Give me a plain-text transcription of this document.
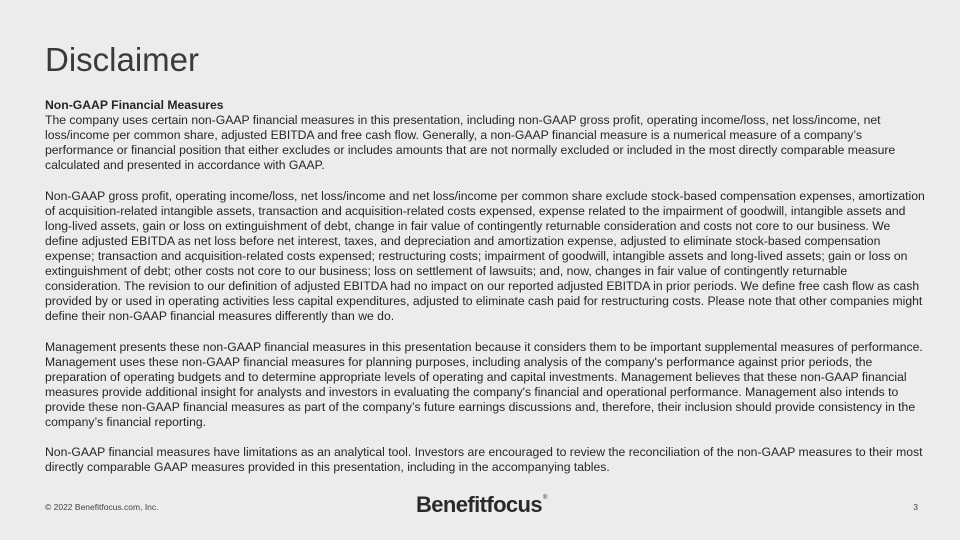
Disclaimer
Non-GAAP Financial Measures

The company uses certain non-GAAP financial measures in this presentation, including non-GAAP gross profit, operating income/loss, net loss/income, net loss/income per common share, adjusted EBITDA and free cash flow. Generally, a non-GAAP financial measure is a numerical measure of a company’s performance or financial position that either excludes or includes amounts that are not normally excluded or included in the most directly comparable measure calculated and presented in accordance with GAAP.

Non-GAAP gross profit, operating income/loss, net loss/income and net loss/income per common share exclude stock-based compensation expenses, amortization of acquisition-related intangible assets, transaction and acquisition-related costs expensed, expense related to the impairment of goodwill, intangible assets and long-lived assets, gain or loss on extinguishment of debt, change in fair value of contingently returnable consideration and costs not core to our business. We define adjusted EBITDA as net loss before net interest, taxes, and depreciation and amortization expense, adjusted to eliminate stock-based compensation expense; transaction and acquisition-related costs expensed; restructuring costs; impairment of goodwill, intangible assets and long-lived assets; gain or loss on extinguishment of debt; other costs not core to our business; loss on settlement of lawsuits; and, now, changes in fair value of contingently returnable consideration. The revision to our definition of adjusted EBITDA had no impact on our reported adjusted EBITDA in prior periods. We define free cash flow as cash provided by or used in operating activities less capital expenditures, adjusted to eliminate cash paid for restructuring costs. Please note that other companies might define their non-GAAP financial measures differently than we do.

Management presents these non-GAAP financial measures in this presentation because it considers them to be important supplemental measures of performance. Management uses these non-GAAP financial measures for planning purposes, including analysis of the company's performance against prior periods, the preparation of operating budgets and to determine appropriate levels of operating and capital investments. Management believes that these non-GAAP financial measures provide additional insight for analysts and investors in evaluating the company's financial and operational performance. Management also intends to provide these non-GAAP financial measures as part of the company’s future earnings discussions and, therefore, their inclusion should provide consistency in the company’s financial reporting.

Non-GAAP financial measures have limitations as an analytical tool. Investors are encouraged to review the reconciliation of the non-GAAP measures to their most directly comparable GAAP measures provided in this presentation, including in the accompanying tables.

© 2022 Benefitfocus.com, Inc.	Benefitfocus ®
3
